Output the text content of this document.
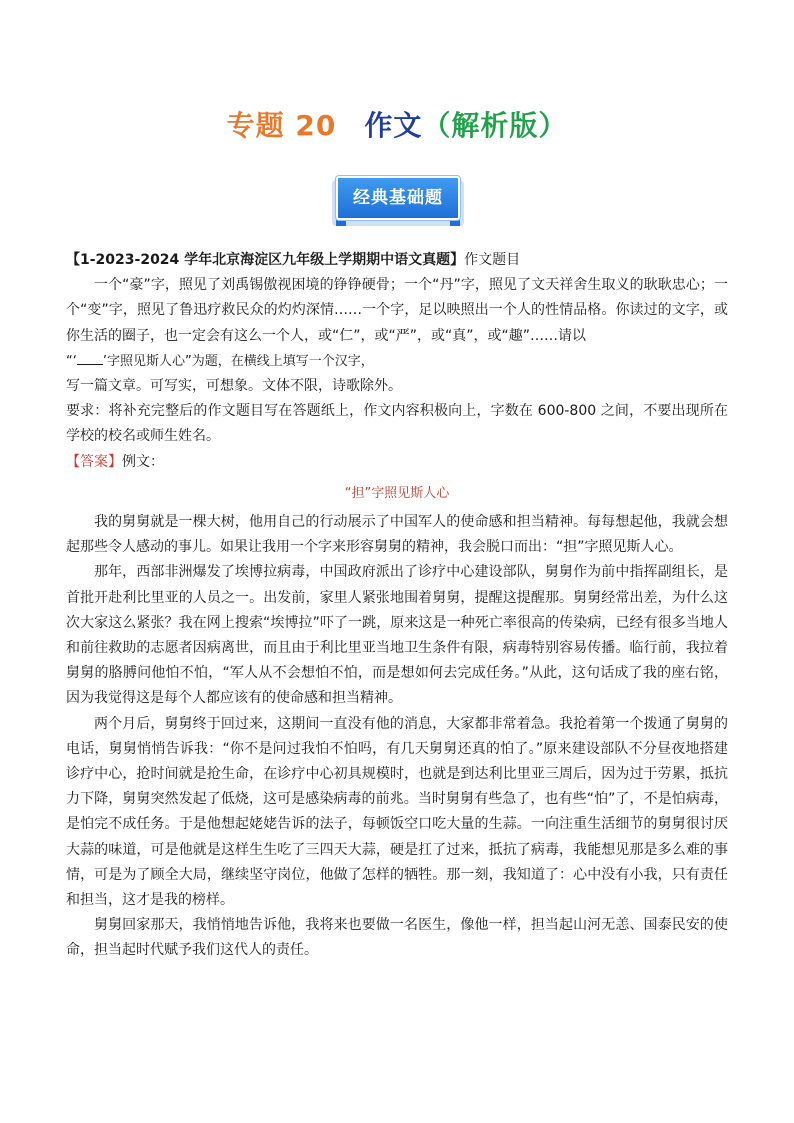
专题 20 作文（解析版）
经典基础题

【1-2023-2024 学年北京海淀区九年级上学期期中语文真题】作文题目

一个“豪”字，照见了刘禹锡傲视困境的铮铮硬骨；一个“丹”字，照见了文天祥舍生取义的耿耿忠心；一个“变”字，照见了鲁迅疗救民众的灼灼深情……一个字，足以映照出一个人的性情品格。你读过的文字，或你生活的圈子，也一定会有这么一个人，或“仁”，或“严”，或“真”，或“趣”……请以

“‘ ’字照见斯人心”为题，在横线上填写一个汉字，

写一篇文章。可写实，可想象。文体不限，诗歌除外。

要求：将补充完整后的作文题目写在答题纸上，作文内容积极向上，字数在 600-800 之间，不要出现所在学校的校名或师生姓名。

【答案】例文：

“担”字照见斯人心

我的舅舅就是一棵大树，他用自己的行动展示了中国军人的使命感和担当精神。每每想起他，我就会想起那些令人感动的事儿。如果让我用一个字来形容舅舅的精神，我会脱口而出：“担”字照见斯人心。

那年，西部非洲爆发了埃博拉病毒，中国政府派出了诊疗中心建设部队，舅舅作为前中指挥副组长，是首批开赴利比里亚的人员之一。出发前，家里人紧张地围着舅舅，提醒这提醒那。舅舅经常出差，为什么这次大家这么紧张？我在网上搜索“埃博拉”吓了一跳，原来这是一种死亡率很高的传染病，已经有很多当地人和前往救助的志愿者因病离世，而且由于利比里亚当地卫生条件有限，病毒特别容易传播。临行前，我拉着舅舅的胳膊问他怕不怕，“军人从不会想怕不怕，而是想如何去完成任务。”从此，这句话成了我的座右铭，因为我觉得这是每个人都应该有的使命感和担当精神。

两个月后，舅舅终于回过来，这期间一直没有他的消息，大家都非常着急。我抢着第一个拨通了舅舅的电话，舅舅悄悄告诉我：“你不是问过我怕不怕吗，有几天舅舅还真的怕了。”原来建设部队不分昼夜地搭建诊疗中心，抢时间就是抢生命，在诊疗中心初具规模时，也就是到达利比里亚三周后，因为过于劳累，抵抗力下降，舅舅突然发起了低烧，这可是感染病毒的前兆。当时舅舅有些急了，也有些“怕”了，不是怕病毒，是怕完不成任务。于是他想起姥姥告诉的法子，每顿饭空口吃大量的生蒜。一向注重生活细节的舅舅很讨厌大蒜的味道，可是他就是这样生生吃了三四天大蒜，硬是扛了过来，抵抗了病毒，我能想见那是多么难的事情，可是为了顾全大局，继续坚守岗位，他做了怎样的牺牲。那一刻，我知道了：心中没有小我，只有责任和担当，这才是我的榜样。

舅舅回家那天，我悄悄地告诉他，我将来也要做一名医生，像他一样，担当起山河无恙、国泰民安的使命，担当起时代赋予我们这代人的责任。
